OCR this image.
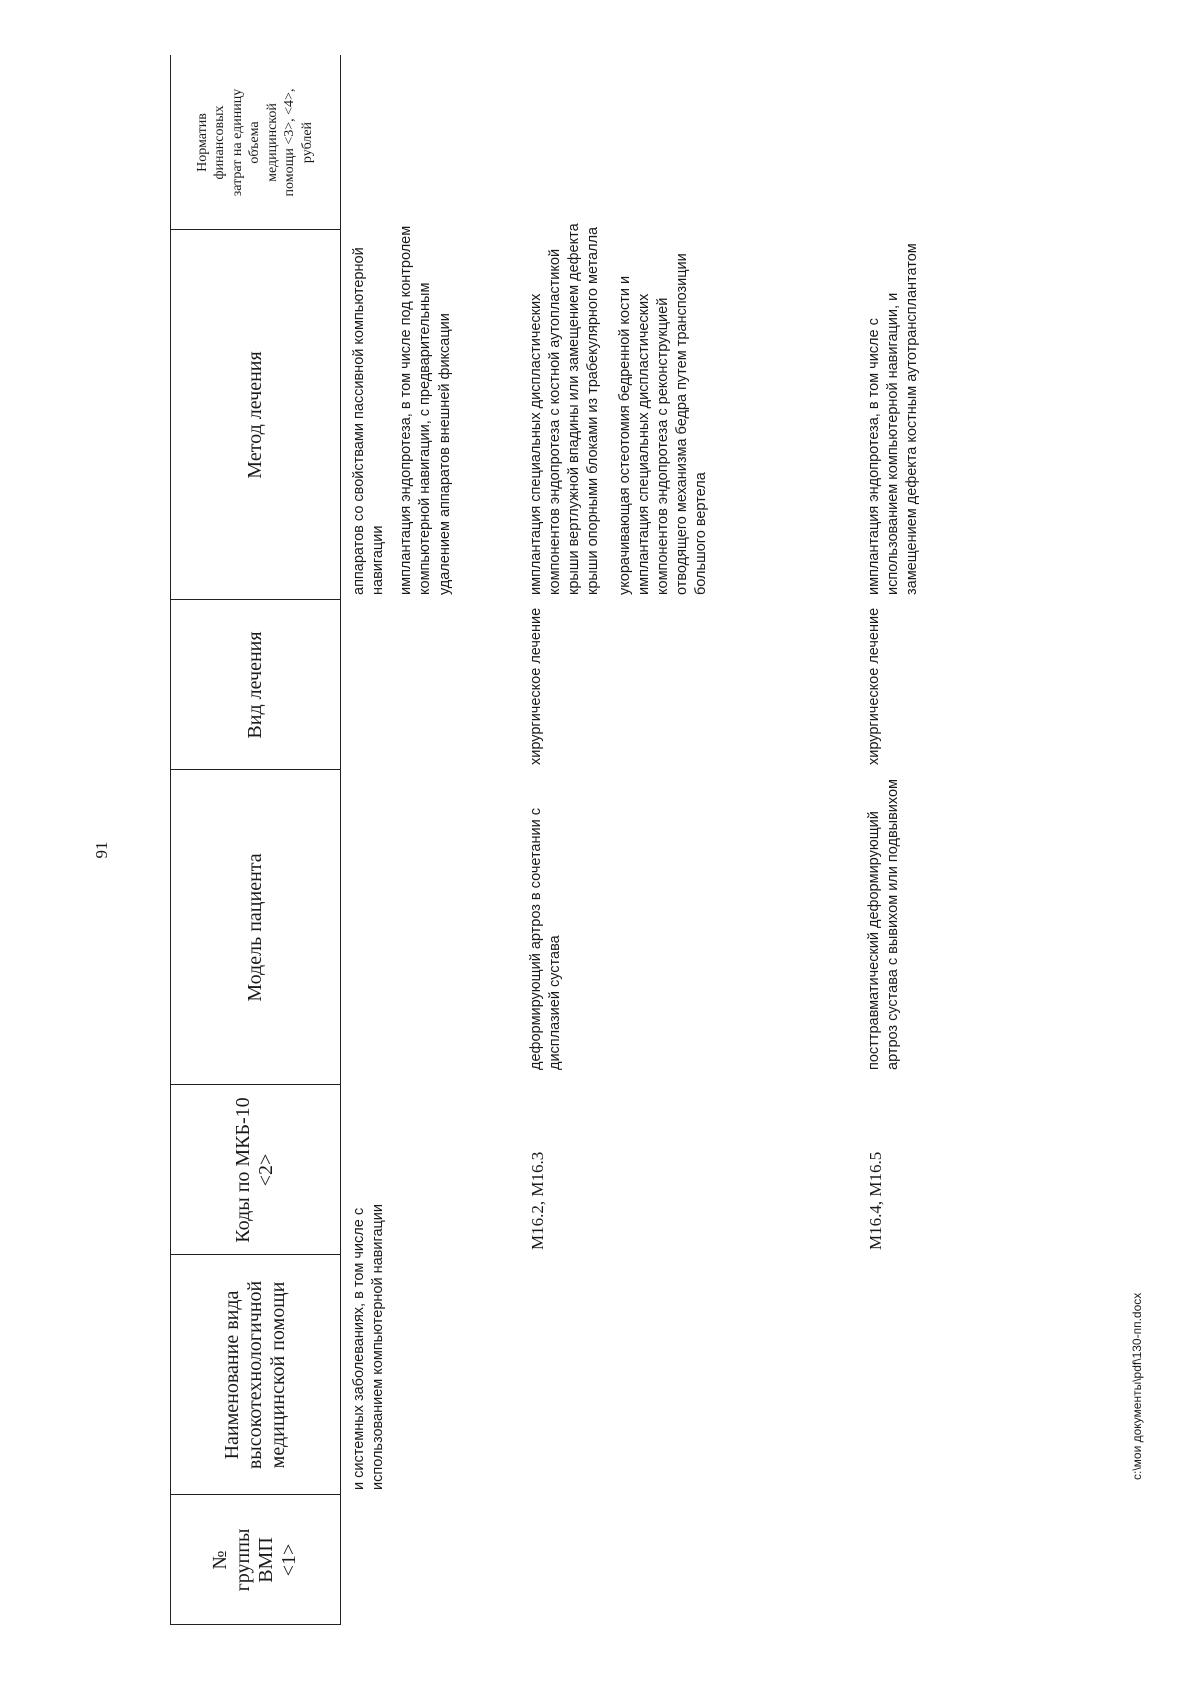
91
№ группы ВМП <1>
Наименование вида высокотехнологичной медицинской помощи
Коды по МКБ-10 <2>
Модель пациента
Вид лечения
Метод лечения
Норматив финансовых затрат на единицу объема медицинской помощи <3>, <4>, рублей
и системных заболеваниях, в том числе с использованием компьютерной навигации

аппаратов со свойствами пассивной компьютерной навигации имплантация эндопротеза, в том числе под контролем компьютерной навигации, с предварительным удалением аппаратов внешней фиксации

M16.2, M16.3
деформирующий артроз в сочетании с дисплазией сустава
хирургическое лечение

имплантация специальных диспластических компонентов эндопротеза с костной аутопластикой крыши вертлужной впадины или замещением дефекта крыши опорными блоками из трабекулярного металла укорачивающая остеотомия бедренной кости и имплантация специальных диспластических компонентов эндопротеза с реконструкцией отводящего механизма бедра путем транспозиции большого вертела

M16.4, M16.5
посттравматический деформирующий артроз сустава с вывихом или подвывихом
хирургическое лечение

имплантация эндопротеза, в том числе с использованием компьютерной навигации, и замещением дефекта костным аутотрансплантатом

c:\мои документы\pdf\130-пп.docx
